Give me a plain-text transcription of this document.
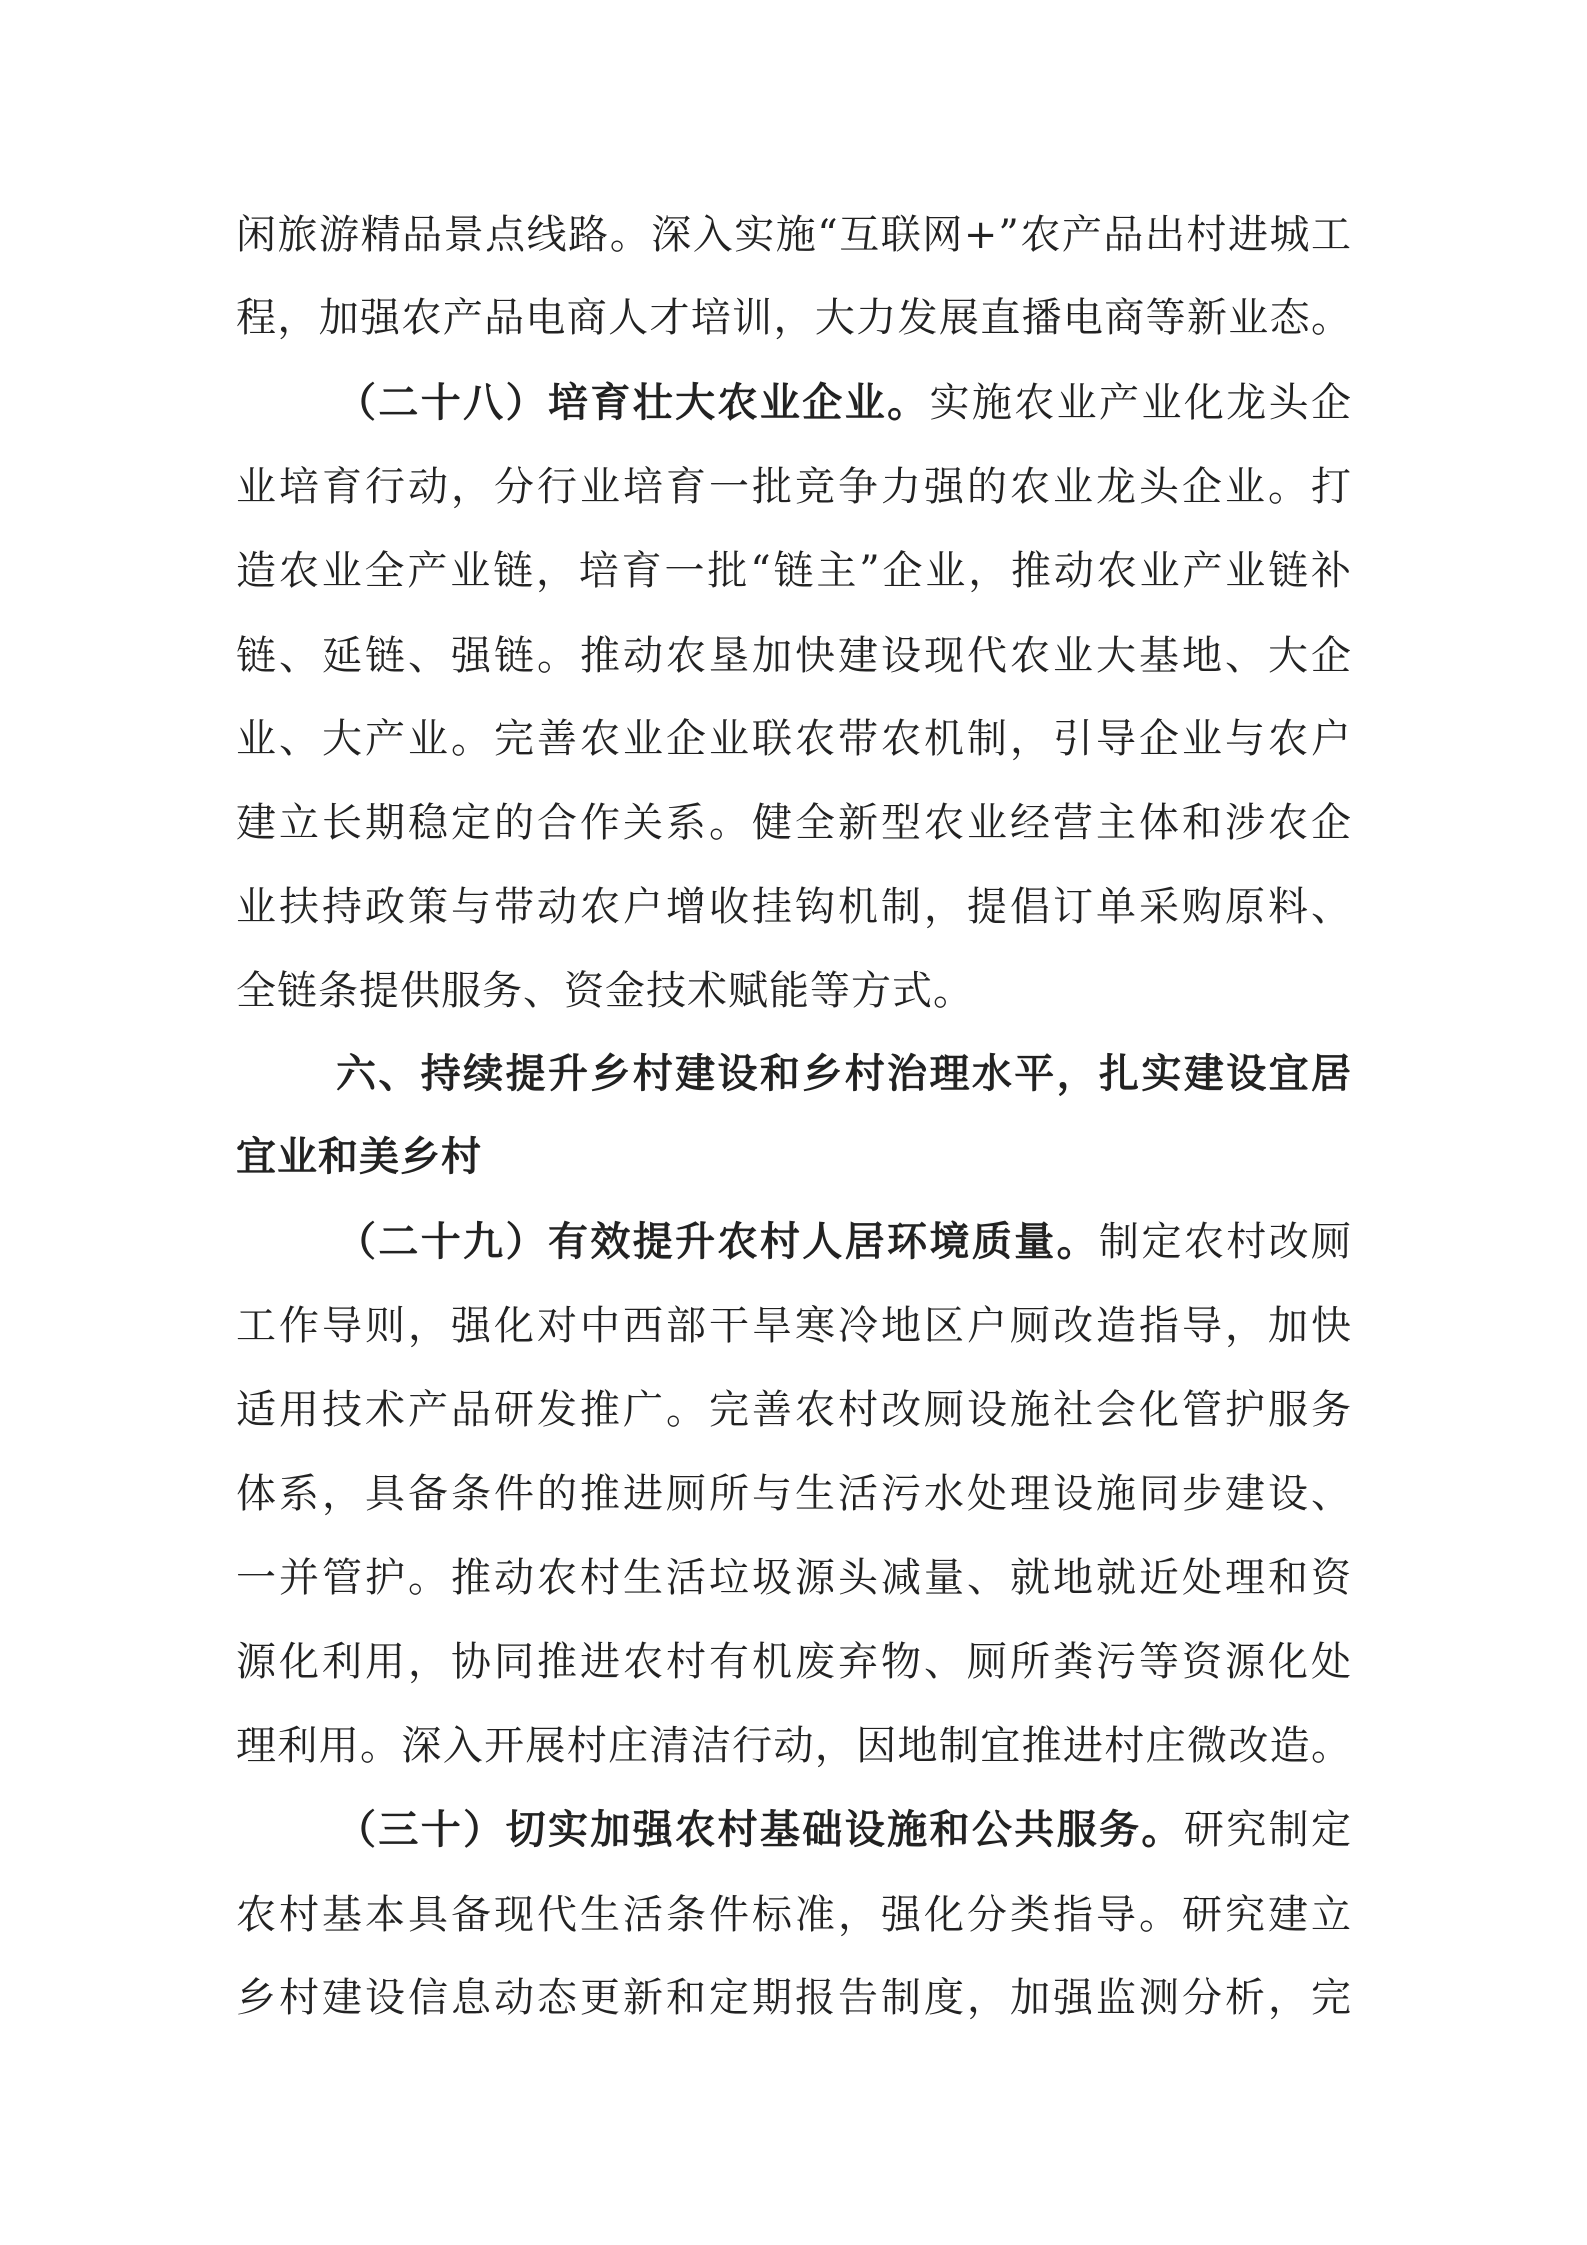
闲旅游精品景点线路。深入实施“互联网+”农产品出村进城工
程，加强农产品电商人才培训，大力发展直播电商等新业态。
（二十八）培育壮大农业企业。实施农业产业化龙头企
业培育行动，分行业培育一批竞争力强的农业龙头企业。打
造农业全产业链，培育一批“链主”企业，推动农业产业链补
链、延链、强链。推动农垦加快建设现代农业大基地、大企
业、大产业。完善农业企业联农带农机制，引导企业与农户
建立长期稳定的合作关系。健全新型农业经营主体和涉农企
业扶持政策与带动农户增收挂钩机制，提倡订单采购原料、
全链条提供服务、资金技术赋能等方式。
六、持续提升乡村建设和乡村治理水平，扎实建设宜居
宜业和美乡村
（二十九）有效提升农村人居环境质量。制定农村改厕
工作导则，强化对中西部干旱寒冷地区户厕改造指导，加快
适用技术产品研发推广。完善农村改厕设施社会化管护服务
体系，具备条件的推进厕所与生活污水处理设施同步建设、
一并管护。推动农村生活垃圾源头减量、就地就近处理和资
源化利用，协同推进农村有机废弃物、厕所粪污等资源化处
理利用。深入开展村庄清洁行动，因地制宜推进村庄微改造。
（三十）切实加强农村基础设施和公共服务。研究制定
农村基本具备现代生活条件标准，强化分类指导。研究建立
乡村建设信息动态更新和定期报告制度，加强监测分析，完
